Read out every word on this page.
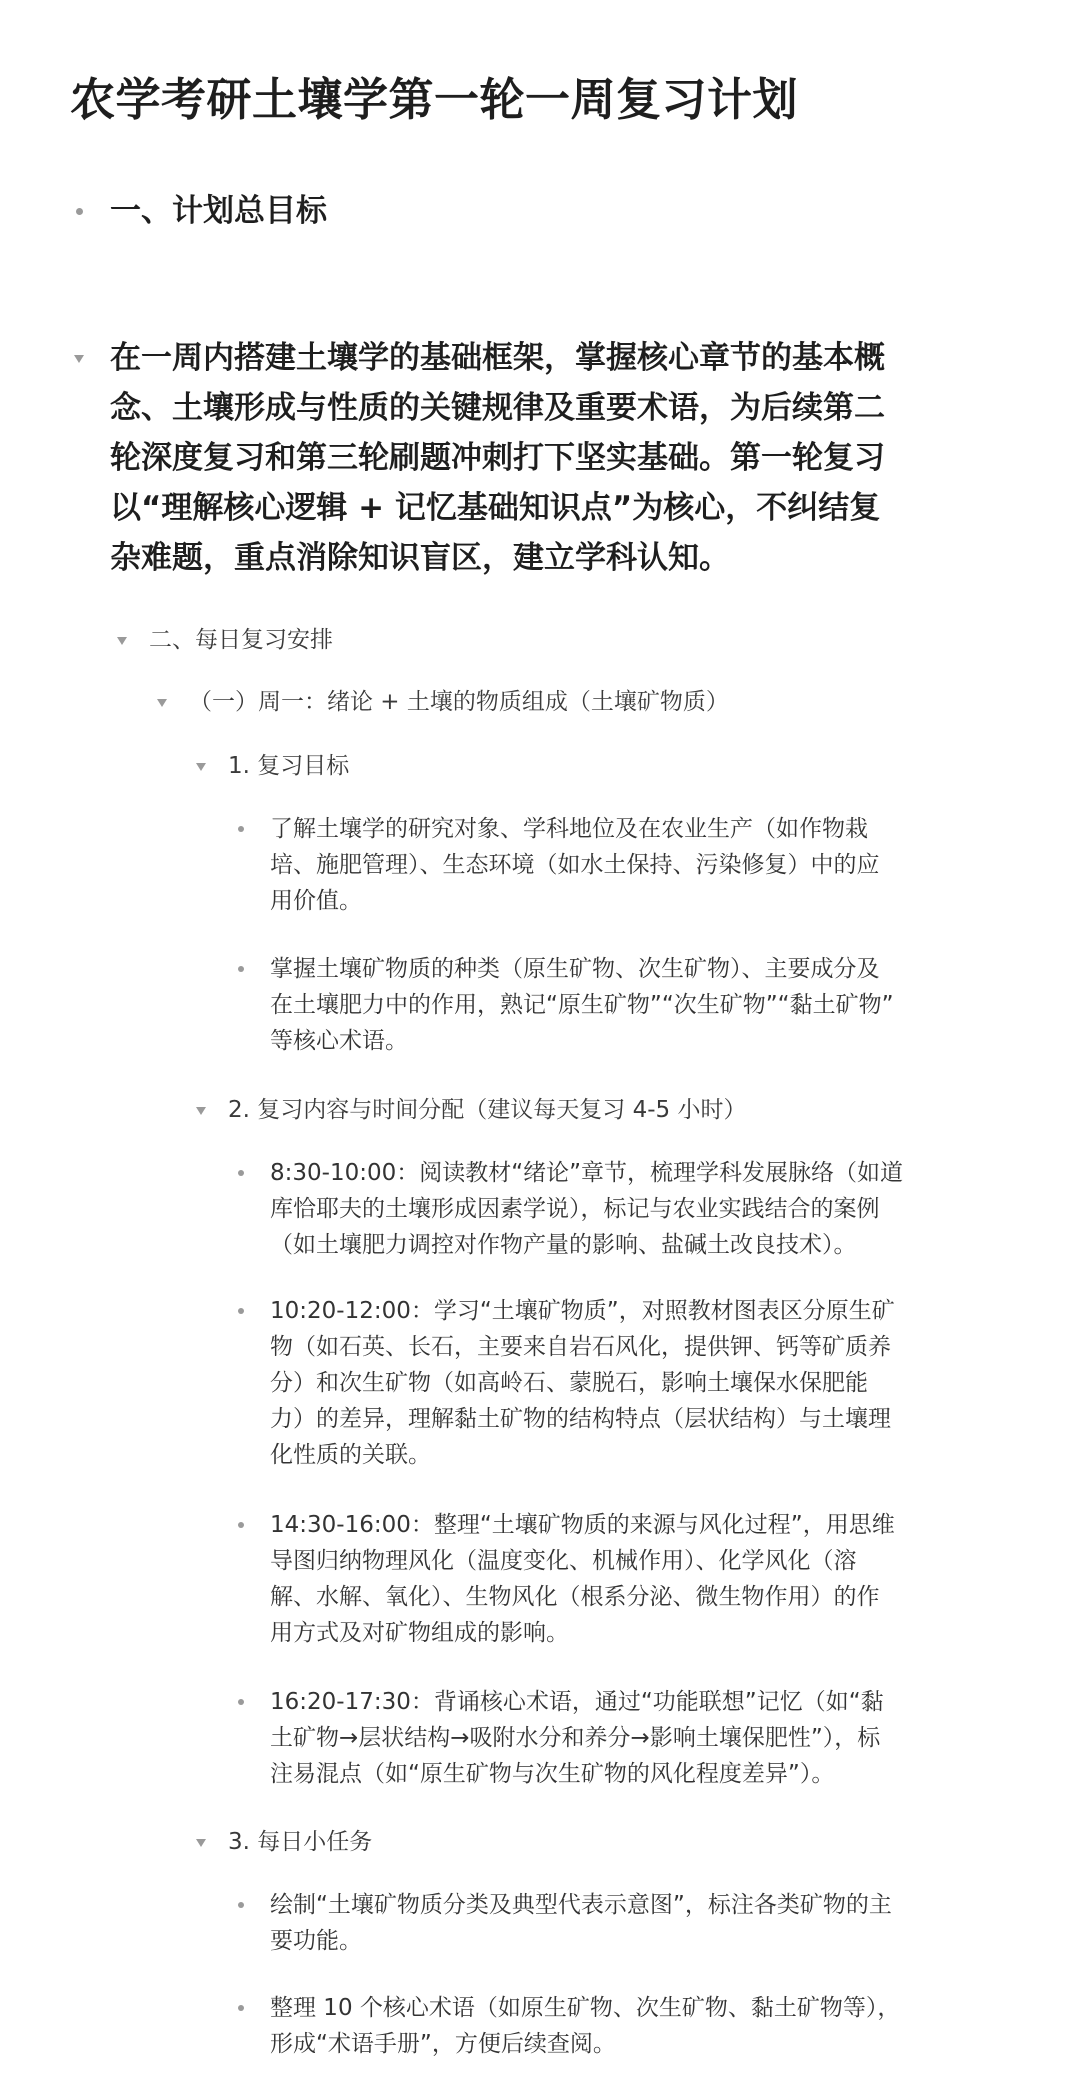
农学考研土壤学第一轮一周复习计划
一、计划总目标
在一周内搭建土壤学的基础框架，掌握核心章节的基本概
念、土壤形成与性质的关键规律及重要术语，为后续第二
轮深度复习和第三轮刷题冲刺打下坚实基础。第一轮复习
以“理解核心逻辑 + 记忆基础知识点”为核心，不纠结复
杂难题，重点消除知识盲区，建立学科认知。
二、每日复习安排
（一）周一：绪论 + 土壤的物质组成（土壤矿物质）
1. 复习目标
了解土壤学的研究对象、学科地位及在农业生产（如作物栽
培、施肥管理）、生态环境（如水土保持、污染修复）中的应
用价值。
掌握土壤矿物质的种类（原生矿物、次生矿物）、主要成分及
在土壤肥力中的作用，熟记“原生矿物”“次生矿物”“黏土矿物”
等核心术语。
2. 复习内容与时间分配（建议每天复习 4-5 小时）
8:30-10:00：阅读教材“绪论”章节，梳理学科发展脉络（如道
库恰耶夫的土壤形成因素学说），标记与农业实践结合的案例
（如土壤肥力调控对作物产量的影响、盐碱土改良技术）。
10:20-12:00：学习“土壤矿物质”，对照教材图表区分原生矿
物（如石英、长石，主要来自岩石风化，提供钾、钙等矿质养
分）和次生矿物（如高岭石、蒙脱石，影响土壤保水保肥能
力）的差异，理解黏土矿物的结构特点（层状结构）与土壤理
化性质的关联。
14:30-16:00：整理“土壤矿物质的来源与风化过程”，用思维
导图归纳物理风化（温度变化、机械作用）、化学风化（溶
解、水解、氧化）、生物风化（根系分泌、微生物作用）的作
用方式及对矿物组成的影响。
16:20-17:30：背诵核心术语，通过“功能联想”记忆（如“黏
土矿物→层状结构→吸附水分和养分→影响土壤保肥性”），标
注易混点（如“原生矿物与次生矿物的风化程度差异”）。
3. 每日小任务
绘制“土壤矿物质分类及典型代表示意图”，标注各类矿物的主
要功能。
整理 10 个核心术语（如原生矿物、次生矿物、黏土矿物等），
形成“术语手册”，方便后续查阅。
